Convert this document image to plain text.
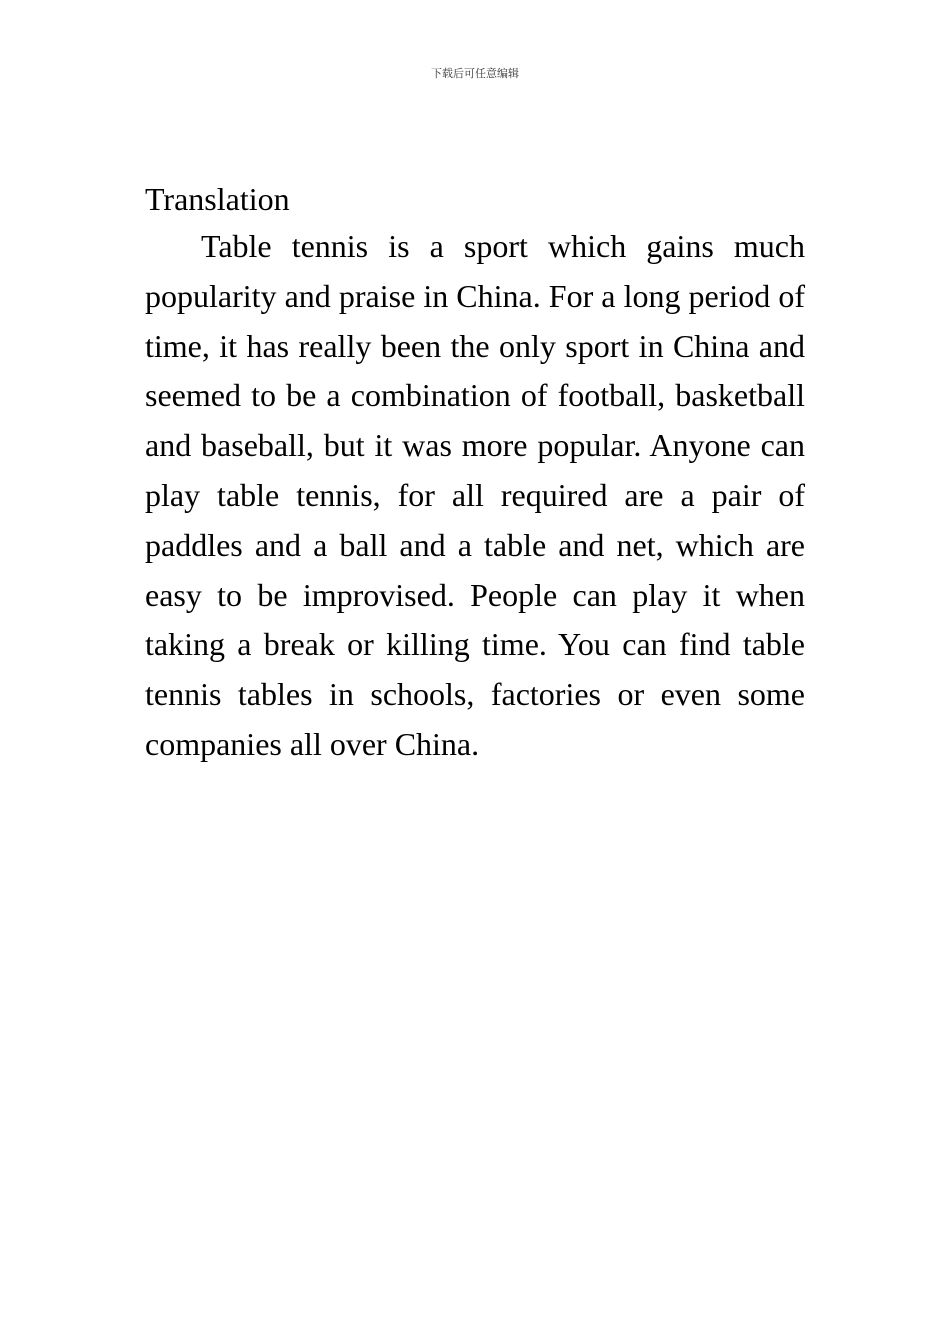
下载后可任意编辑
Translation

Table tennis is a sport which gains much popularity and praise in China. For a long period of time, it has really been the only sport in China and seemed to be a combination of football, basketball and baseball, but it was more popular. Anyone can play table tennis, for all required are a pair of paddles and a ball and a table and net, which are easy to be improvised. People can play it when taking a break or killing time. You can find table tennis tables in schools, factories or even some companies all over China.
